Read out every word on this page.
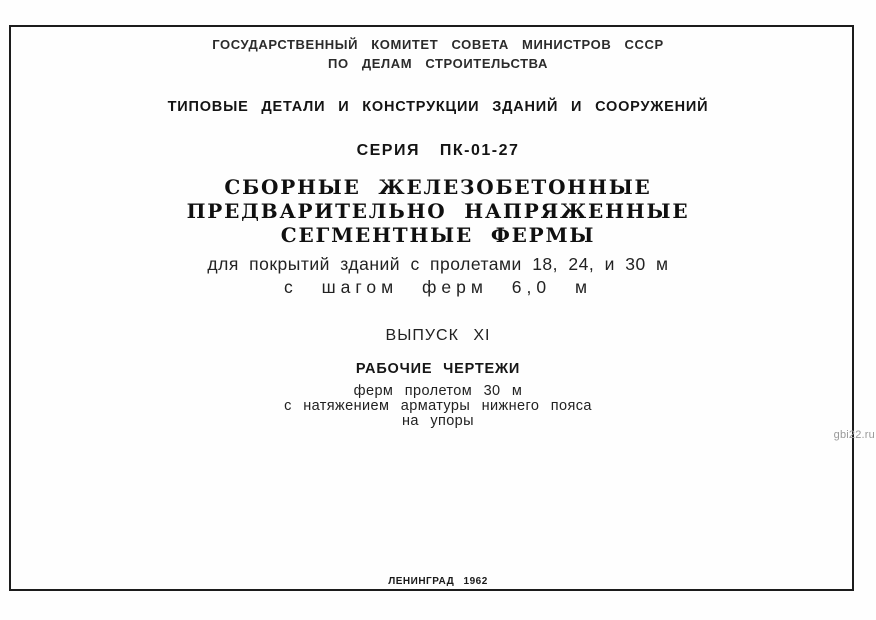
ГОСУДАРСТВЕННЫЙ КОМИТЕТ СОВЕТА МИНИСТРОВ СССР
ПО ДЕЛАМ СТРОИТЕЛЬСТВА
ТИПОВЫЕ ДЕТАЛИ И КОНСТРУКЦИИ ЗДАНИЙ И СООРУЖЕНИЙ
СЕРИЯ ПК-01-27
СБОРНЫЕ ЖЕЛЕЗОБЕТОННЫЕ
ПРЕДВАРИТЕЛЬНО НАПРЯЖЕННЫЕ
СЕГМЕНТНЫЕ ФЕРМЫ
для покрытий зданий с пролетами 18, 24, и 30 м
с шагом ферм 6,0 м
ВЫПУСК XI
РАБОЧИЕ ЧЕРТЕЖИ
ферм пролетом 30 м
с натяжением арматуры нижнего пояса
на упоры
ЛЕНИНГРАД 1962
gbi22.ru
